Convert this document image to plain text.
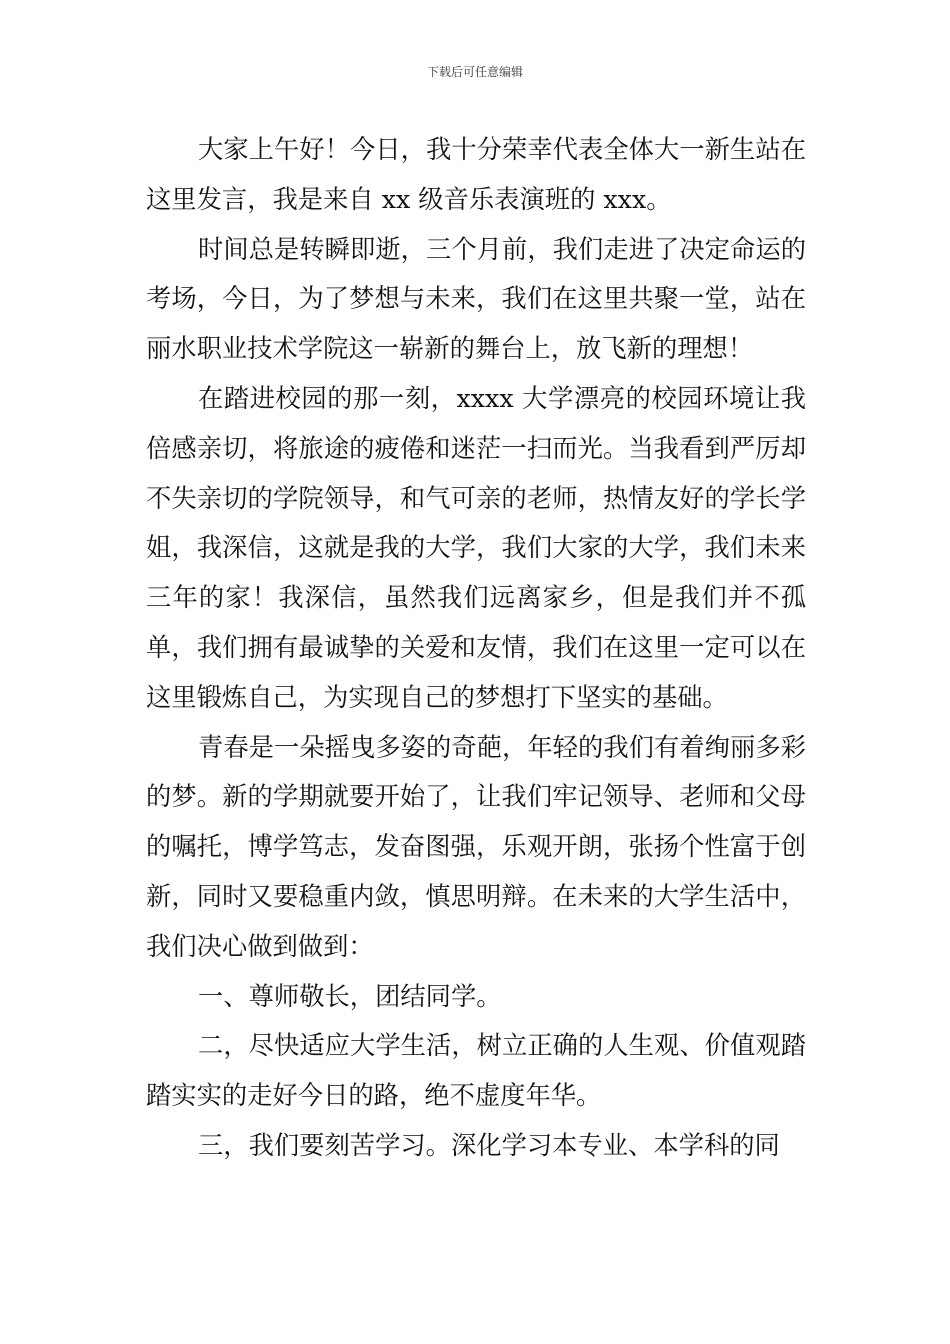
下载后可任意编辑

大家上午好！今日，我十分荣幸代表全体大一新生站在这里发言，我是来自 xx 级音乐表演班的 xxx。

时间总是转瞬即逝，三个月前，我们走进了决定命运的考场，今日，为了梦想与未来，我们在这里共聚一堂，站在丽水职业技术学院这一崭新的舞台上，放飞新的理想！

在踏进校园的那一刻，xxxx 大学漂亮的校园环境让我倍感亲切，将旅途的疲倦和迷茫一扫而光。当我看到严厉却不失亲切的学院领导，和气可亲的老师，热情友好的学长学姐，我深信，这就是我的大学，我们大家的大学，我们未来三年的家！我深信，虽然我们远离家乡，但是我们并不孤单，我们拥有最诚挚的关爱和友情，我们在这里一定可以在这里锻炼自己，为实现自己的梦想打下坚实的基础。

青春是一朵摇曳多姿的奇葩，年轻的我们有着绚丽多彩的梦。新的学期就要开始了，让我们牢记领导、老师和父母的嘱托，博学笃志，发奋图强，乐观开朗，张扬个性富于创新，同时又要稳重内敛，慎思明辩。在未来的大学生活中，我们决心做到做到：

一、尊师敬长，团结同学。

二，尽快适应大学生活，树立正确的人生观、价值观踏踏实实的走好今日的路，绝不虚度年华。

三，我们要刻苦学习。深化学习本专业、本学科的同
